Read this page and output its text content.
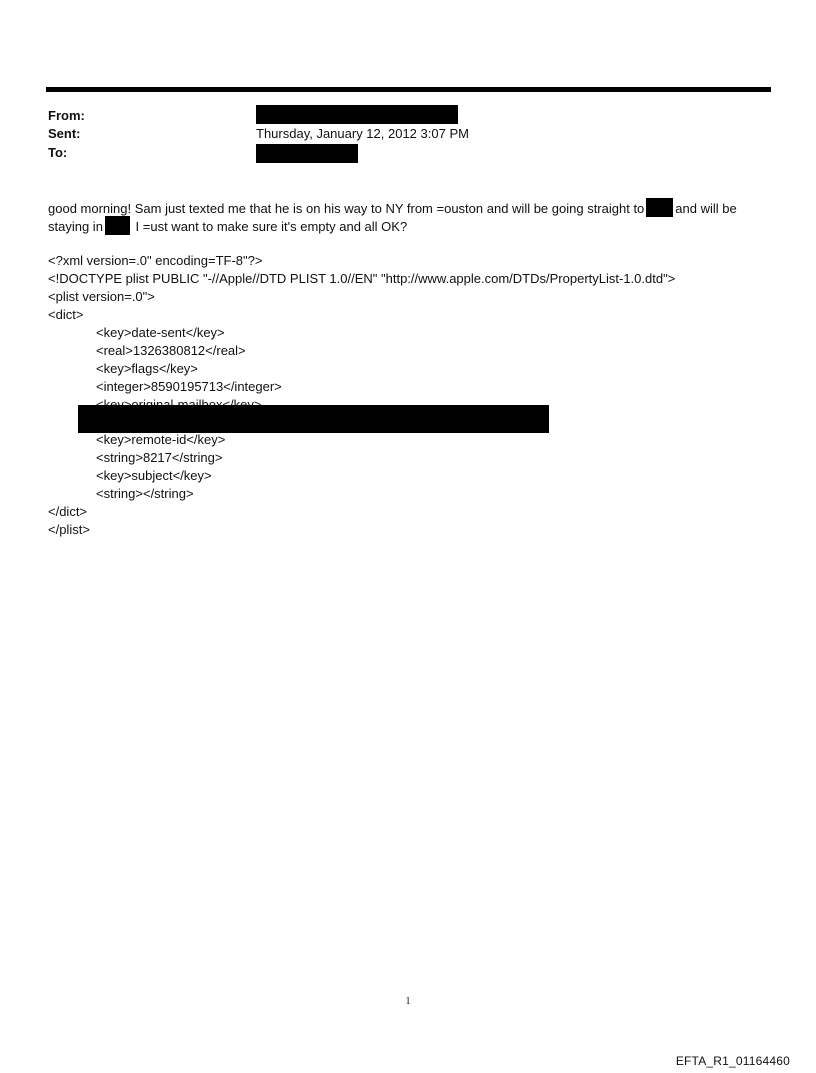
From:
Sent:	Thursday, January 12, 2012 3:07 PM
To:
good morning! Sam just texted me that he is on his way to NY from =ouston and will be going straight to and will be
staying in I =ust want to make sure it's empty and all OK?
<?xml version=.0" encoding=TF-8"?>
<!DOCTYPE plist PUBLIC "-//Apple//DTD PLIST 1.0//EN" "http://www.apple.com/DTDs/PropertyList-1.0.dtd">
<plist version=.0">
<dict>
<key>date-sent</key>
<real>1326380812</real>
<key>flags</key>
<integer>8590195713</integer>
<key>remote-id</key>
<string>8217</string>
<key>subject</key>
<string></string>
</dict>
</plist>
1
EFTA_R1_01164460
